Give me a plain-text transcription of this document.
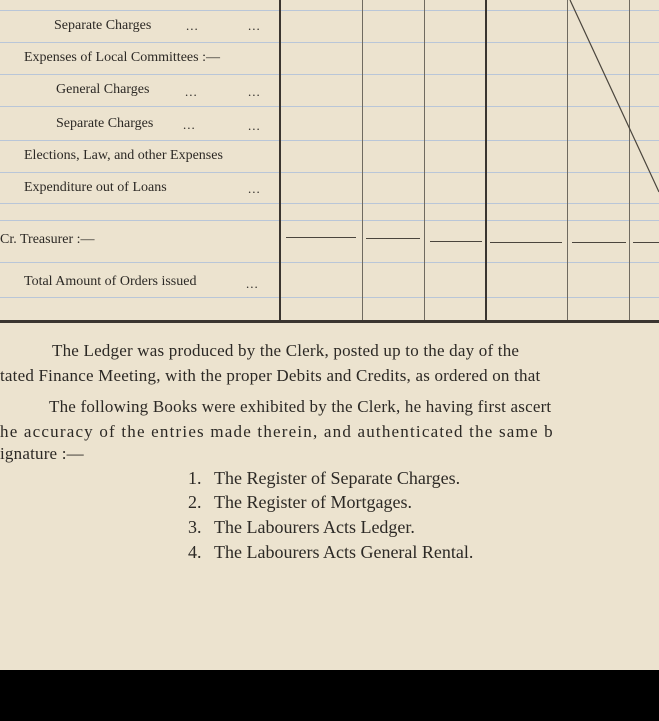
Separate Charges	...	...
Expenses of Local Committees :—
General Charges	...	...
Separate Charges ...	...
Elections, Law, and other Expenses
Expenditure out of Loans	...
Cr. Treasurer :—
Total Amount of Orders issued	...
The Ledger was produced by the Clerk, posted up to the day of the
tated Finance Meeting, with the proper Debits and Credits, as ordered on that
The following Books were exhibited by the Clerk, he having first ascert
he accuracy of the entries made therein, and authenticated the same b
ignature :—
1. The Register of Separate Charges.
2. The Register of Mortgages.
3. The Labourers Acts Ledger.
4. The Labourers Acts General Rental.
